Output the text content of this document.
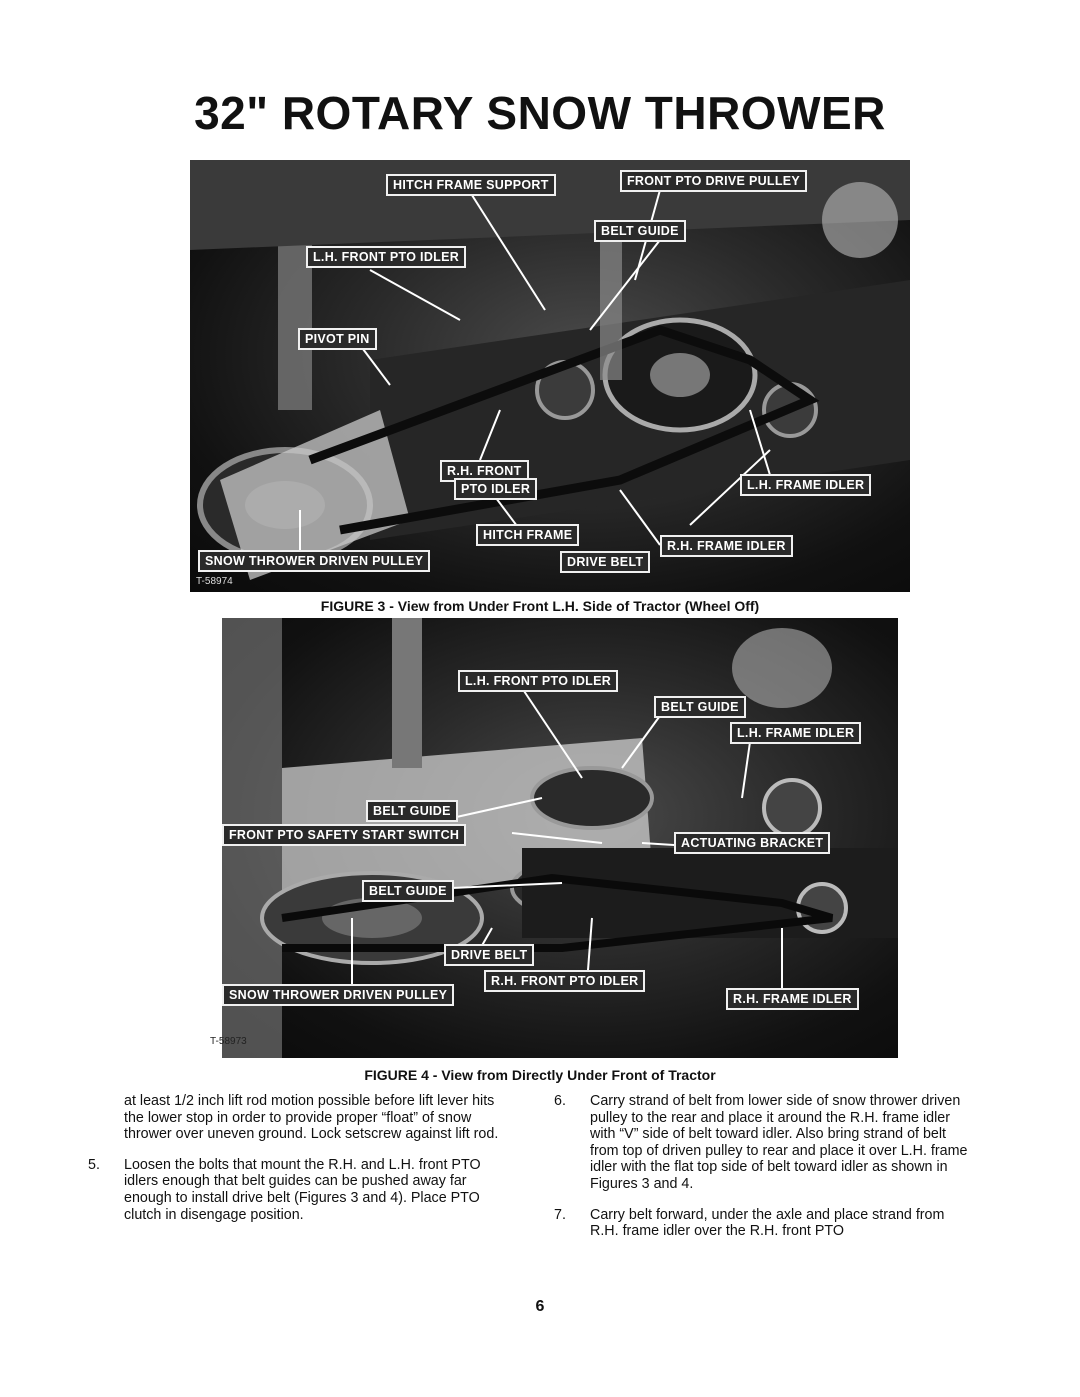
32" ROTARY SNOW THROWER
HITCH FRAME SUPPORT	FRONT PTO DRIVE PULLEY
BELT GUIDE
L.H. FRONT PTO IDLER
PIVOT PIN
R.H. FRONT
PTO IDLER	L.H. FRAME IDLER
HITCH FRAME
R.H. FRAME IDLER
SNOW THROWER DRIVEN PULLEY	DRIVE BELT
T-58974
FIGURE 3 - View from Under Front L.H. Side of Tractor (Wheel Off)
L.H. FRONT PTO IDLER
BELT GUIDE
L.H. FRAME IDLER
BELT GUIDE
FRONT PTO SAFETY START SWITCH
ACTUATING BRACKET
BELT GUIDE
DRIVE BELT
SNOW THROWER DRIVEN PULLEY
R.H. FRONT PTO IDLER
R.H. FRAME IDLER
T-58973
FIGURE 4 - View from Directly Under Front of Tractor

at least 1/2 inch lift rod motion possible before lift lever hits the lower stop in order to provide proper “float” of snow thrower over uneven ground. Lock setscrew against lift rod.

5. Loosen the bolts that mount the R.H. and L.H. front PTO idlers enough that belt guides can be pushed away far enough to install drive belt (Figures 3 and 4). Place PTO clutch in disengage position.
6. Carry strand of belt from lower side of snow thrower driven pulley to the rear and place it around the R.H. frame idler with “V” side of belt toward idler. Also bring strand of belt from top of driven pulley to rear and place it over L.H. frame idler with the flat top side of belt toward idler as shown in Figures 3 and 4.
7. Carry belt forward, under the axle and place strand from R.H. frame idler over the R.H. front PTO
6
